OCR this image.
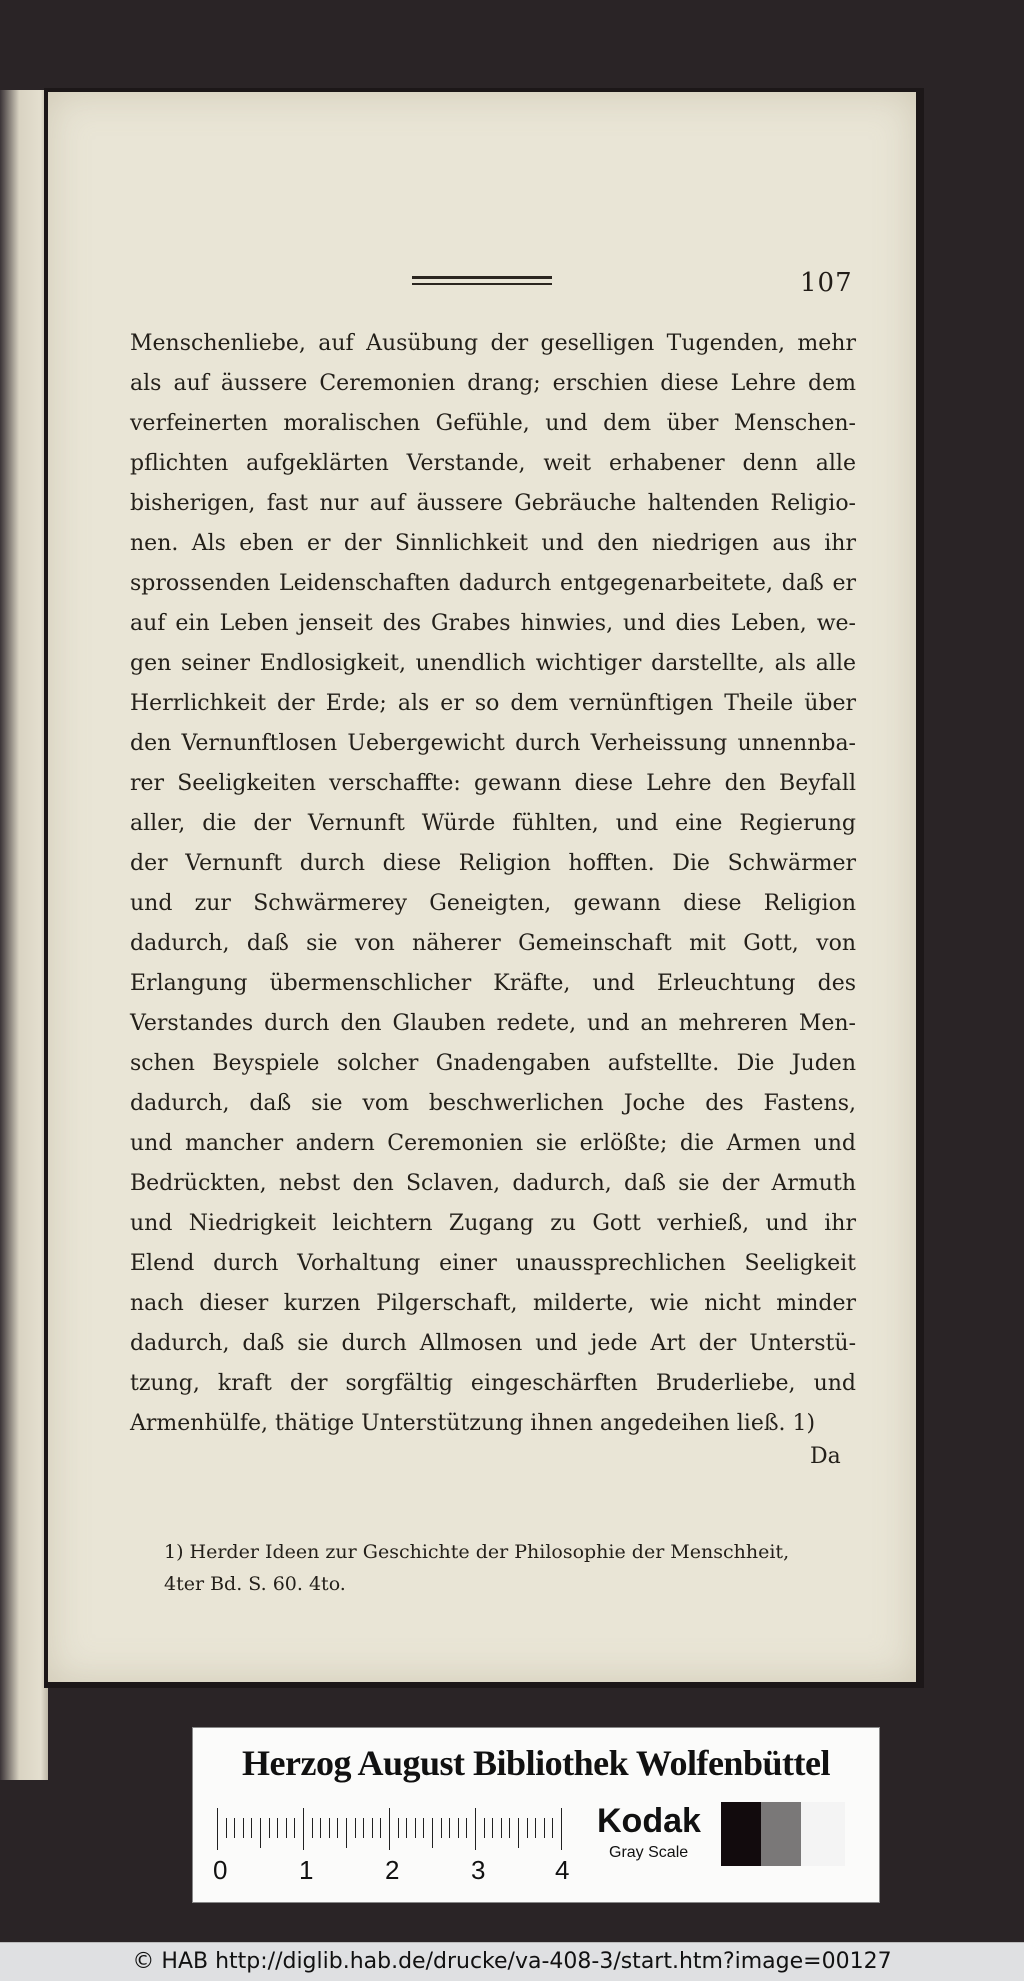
107
Menschenliebe, auf Ausübung der geselligen Tugenden, mehr
als auf äussere Ceremonien drang; erschien diese Lehre dem
verfeinerten moralischen Gefühle, und dem über Menschen-
pflichten aufgeklärten Verstande, weit erhabener denn alle
bisherigen, fast nur auf äussere Gebräuche haltenden Religio-
nen. Als eben er der Sinnlichkeit und den niedrigen aus ihr
sprossenden Leidenschaften dadurch entgegenarbeitete, daß er
auf ein Leben jenseit des Grabes hinwies, und dies Leben, we-
gen seiner Endlosigkeit, unendlich wichtiger darstellte, als alle
Herrlichkeit der Erde; als er so dem vernünftigen Theile über
den Vernunftlosen Uebergewicht durch Verheissung unnennba-
rer Seeligkeiten verschaffte: gewann diese Lehre den Beyfall
aller, die der Vernunft Würde fühlten, und eine Regierung
der Vernunft durch diese Religion hofften. Die Schwärmer
und zur Schwärmerey Geneigten, gewann diese Religion
dadurch, daß sie von näherer Gemeinschaft mit Gott, von
Erlangung übermenschlicher Kräfte, und Erleuchtung des
Verstandes durch den Glauben redete, und an mehreren Men-
schen Beyspiele solcher Gnadengaben aufstellte. Die Juden
dadurch, daß sie vom beschwerlichen Joche des Fastens,
und mancher andern Ceremonien sie erlößte; die Armen und
Bedrückten, nebst den Sclaven, dadurch, daß sie der Armuth
und Niedrigkeit leichtern Zugang zu Gott verhieß, und ihr
Elend durch Vorhaltung einer unaussprechlichen Seeligkeit
nach dieser kurzen Pilgerschaft, milderte, wie nicht minder
dadurch, daß sie durch Allmosen und jede Art der Unterstü-
tzung, kraft der sorgfältig eingeschärften Bruderliebe, und
Armenhülfe, thätige Unterstützung ihnen angedeihen ließ. 1)
Da
1) Herder Ideen zur Geschichte der Philosophie der Menschheit,
4ter Bd. S. 60. 4to.
Herzog August Bibliothek Wolfenbüttel
0	1	2	3	4
Kodak
Gray Scale
© HAB http://diglib.hab.de/drucke/va-408-3/start.htm?image=00127
